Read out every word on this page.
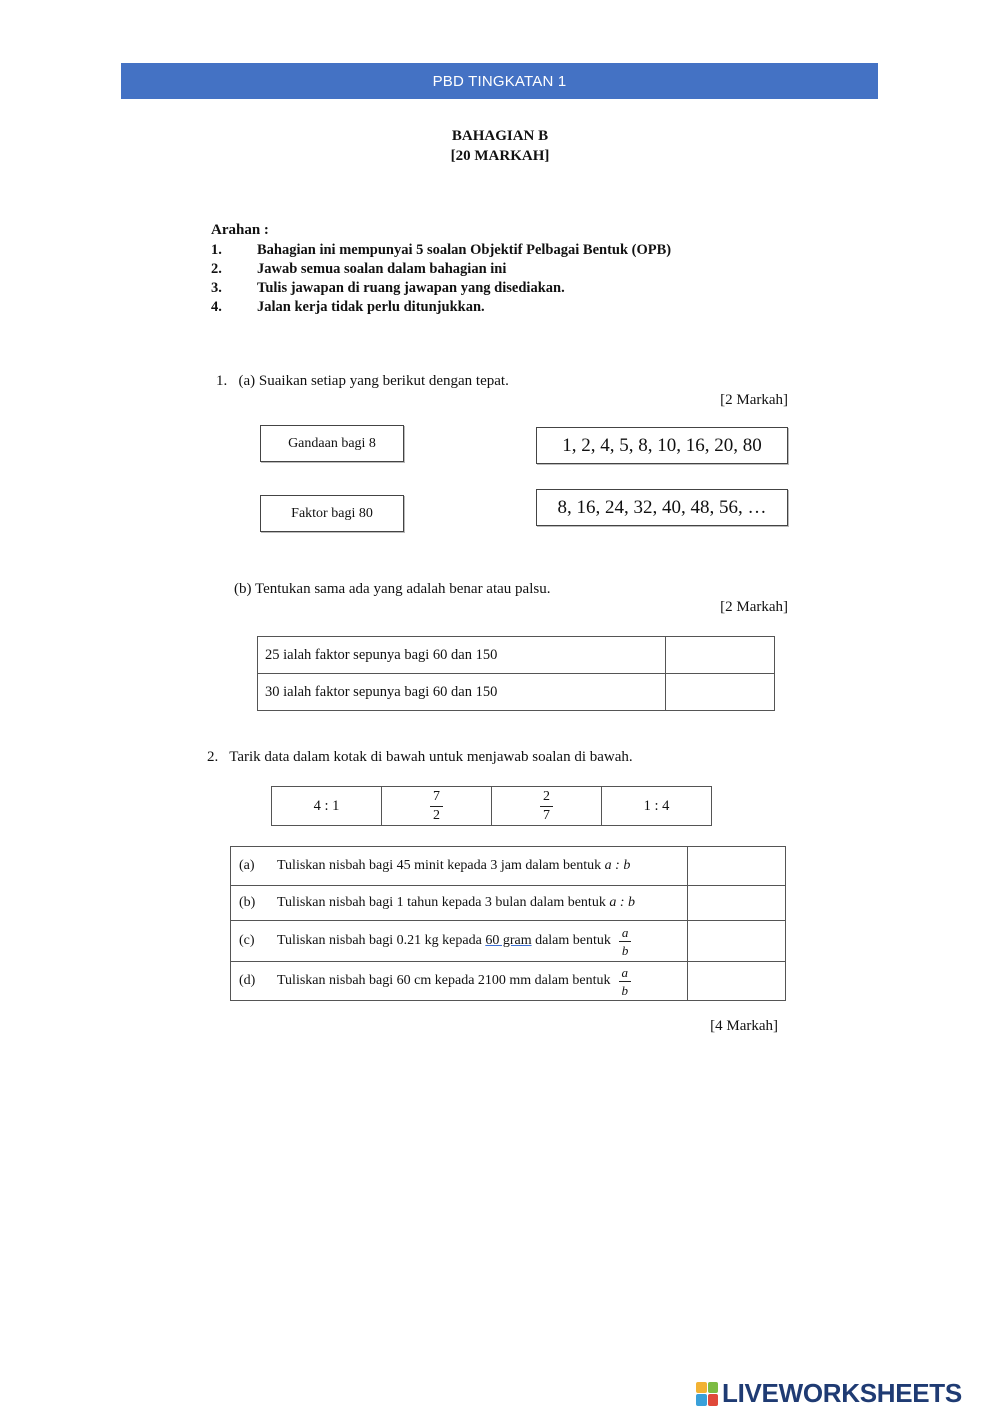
PBD TINGKATAN 1
BAHAGIAN B
[20 MARKAH]
Arahan :
1.	Bahagian ini mempunyai 5 soalan Objektif Pelbagai Bentuk (OPB)
2.	Jawab semua soalan dalam bahagian ini
3.	Tulis jawapan di ruang jawapan yang disediakan.
4.	Jalan kerja tidak perlu ditunjukkan.
1.   (a) Suaikan setiap yang berikut dengan tepat.
[2 Markah]
Gandaan bagi 8
Faktor bagi 80
1, 2, 4, 5, 8, 10, 16, 20, 80
8, 16, 24, 32, 40, 48, 56, …
(b) Tentukan sama ada yang adalah benar atau palsu.
[2 Markah]
25 ialah faktor sepunya bagi 60 dan 150	
30 ialah faktor sepunya bagi 60 dan 150	
2.   Tarik data dalam kotak di bawah untuk menjawab soalan di bawah.
4 : 1	$\frac{7}{2}$	$\frac{2}{7}$	1 : 4
(a) Tuliskan nisbah bagi 45 minit kepada 3 jam dalam bentuk a : b	

(b) Tuliskan nisbah bagi 1 tahun kepada 3 bulan dalam bentuk a : b	

(c) Tuliskan nisbah bagi 0.21 kg kepada 60 gram dalam bentuk $\frac{a}{b}$

(d) Tuliskan nisbah bagi 60 cm kepada 2100 mm dalam bentuk $\frac{a}{b}$

[4 Markah]
LIVEWORKSHEETS
